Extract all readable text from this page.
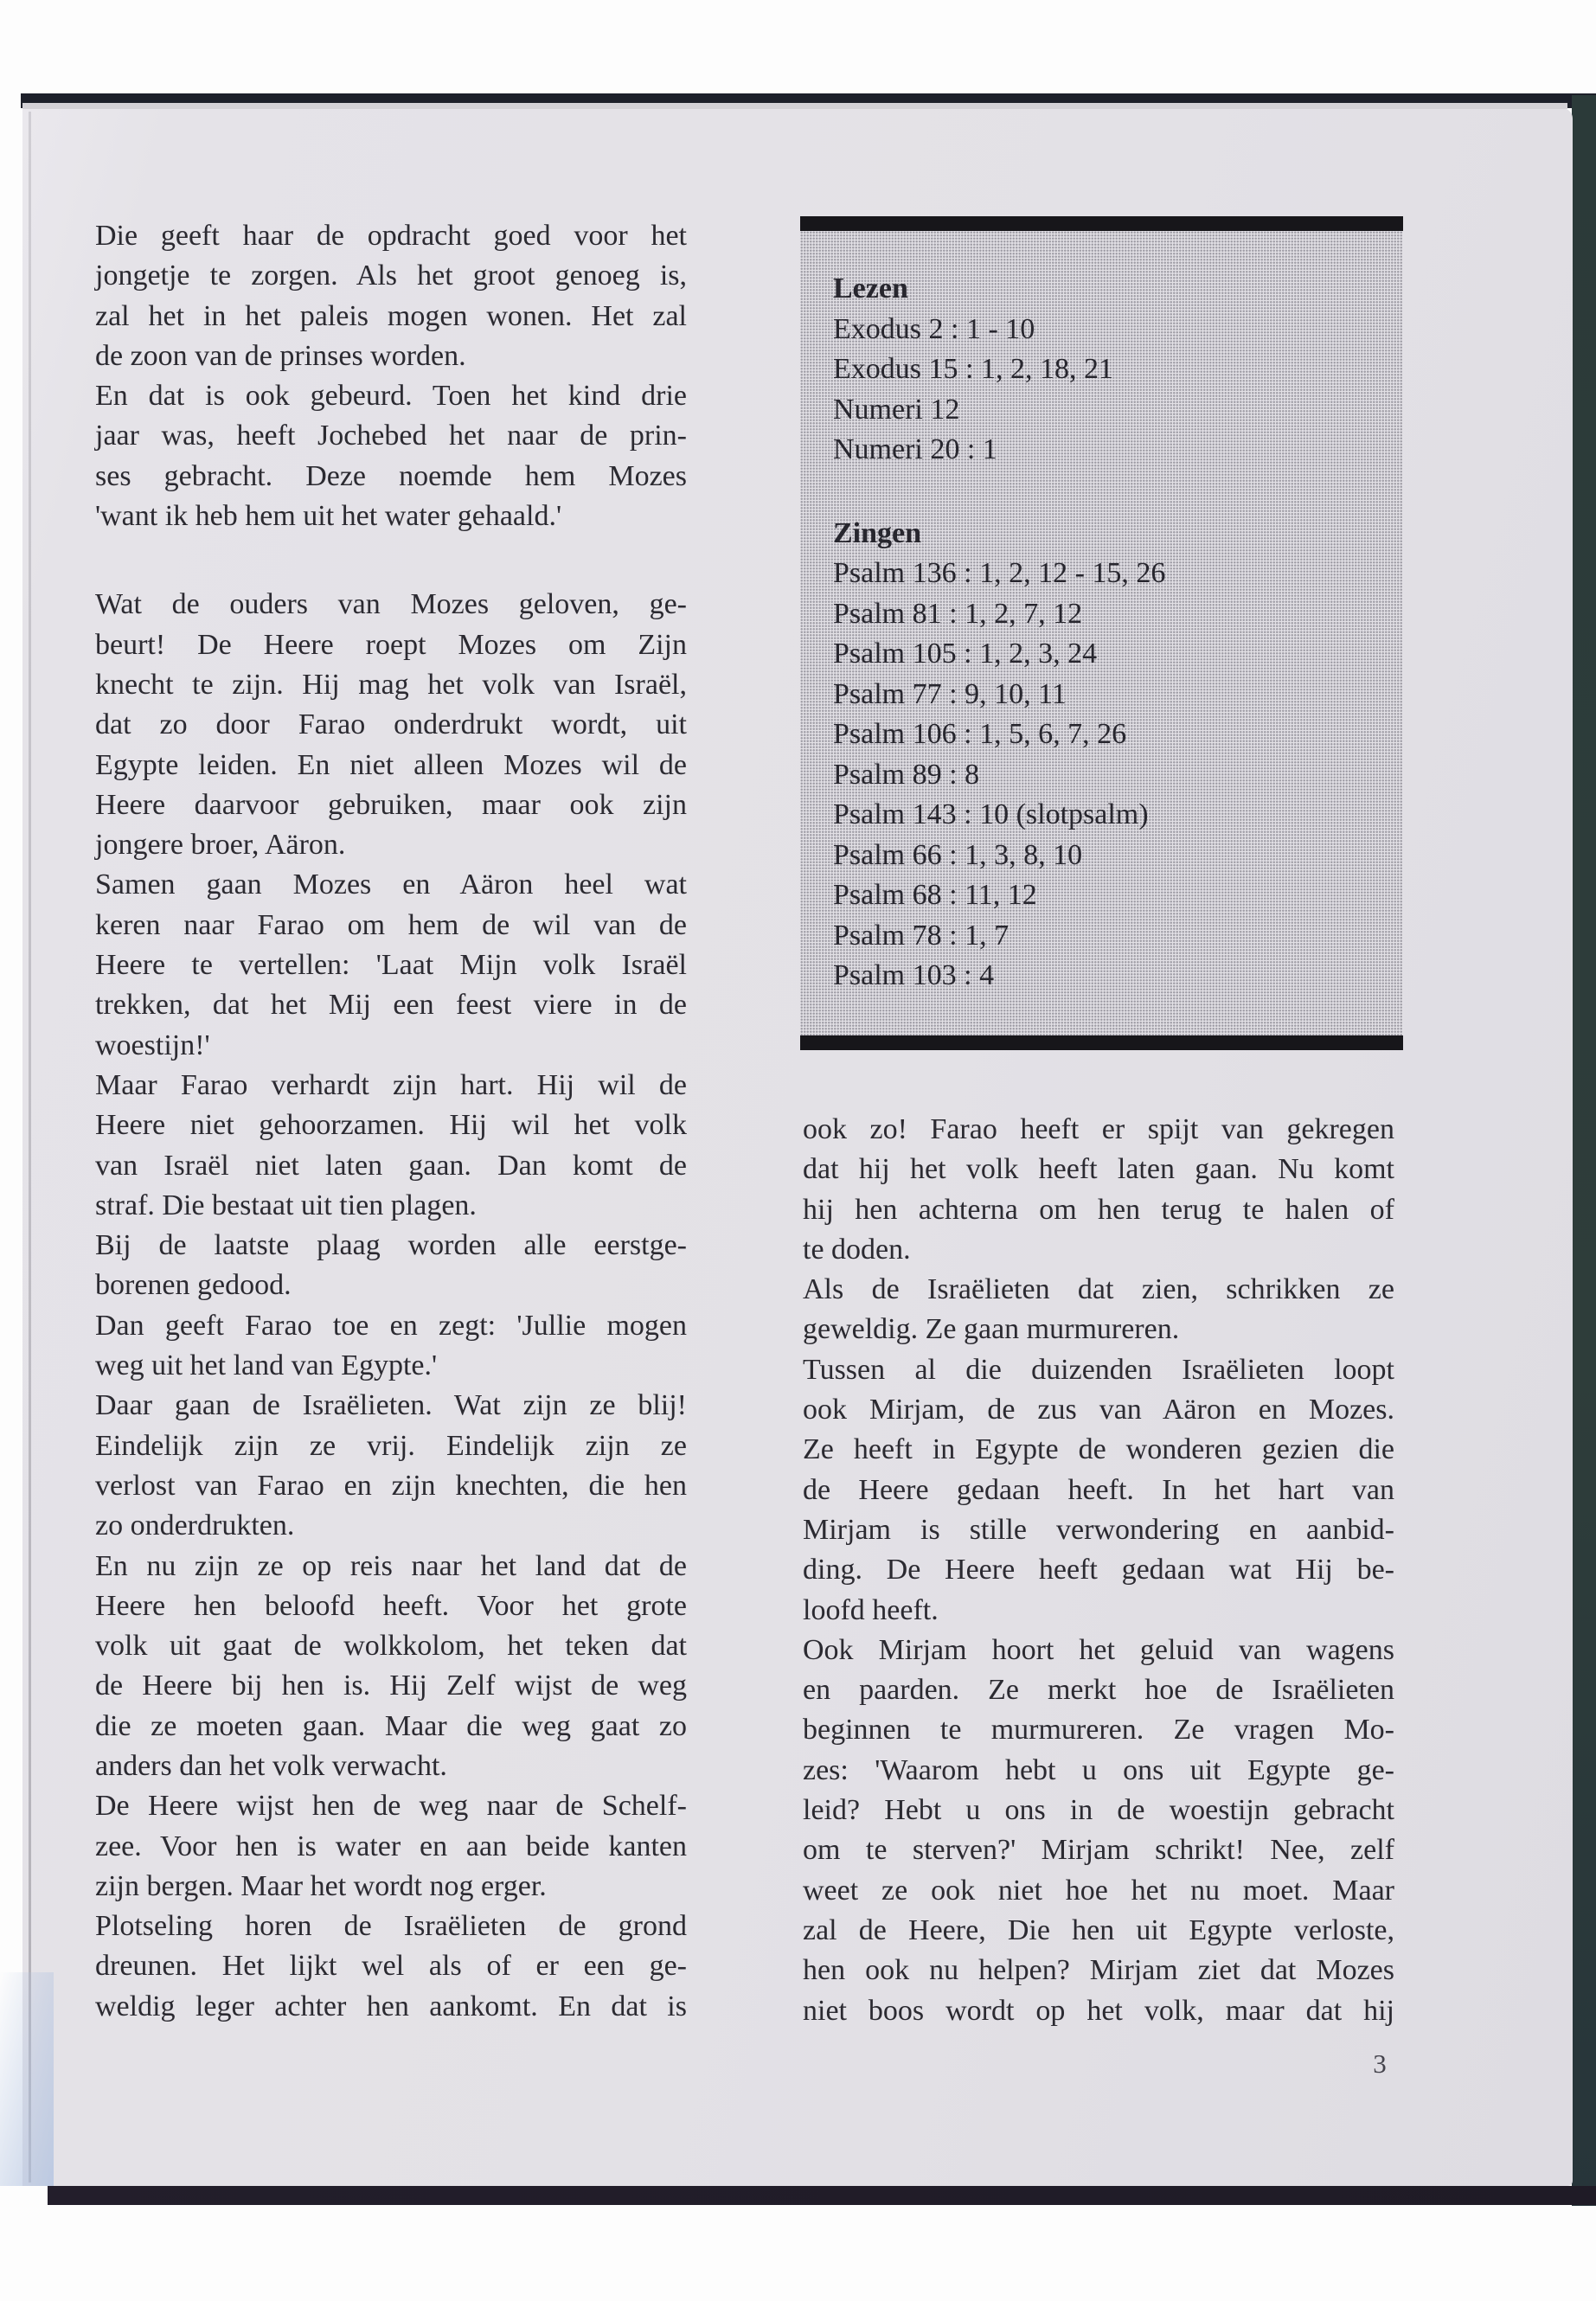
Die geeft haar de opdracht goed voor het
jongetje te zorgen. Als het groot genoeg is,
zal het in het paleis mogen wonen. Het zal
de zoon van de prinses worden.
En dat is ook gebeurd. Toen het kind drie
jaar was, heeft Jochebed het naar de prin-
ses gebracht. Deze noemde hem Mozes
'want ik heb hem uit het water gehaald.'
Wat de ouders van Mozes geloven, ge-
beurt! De Heere roept Mozes om Zijn
knecht te zijn. Hij mag het volk van Israël,
dat zo door Farao onderdrukt wordt, uit
Egypte leiden. En niet alleen Mozes wil de
Heere daarvoor gebruiken, maar ook zijn
jongere broer, Aäron.
Samen gaan Mozes en Aäron heel wat
keren naar Farao om hem de wil van de
Heere te vertellen: 'Laat Mijn volk Israël
trekken, dat het Mij een feest viere in de
woestijn!'
Maar Farao verhardt zijn hart. Hij wil de
Heere niet gehoorzamen. Hij wil het volk
van Israël niet laten gaan. Dan komt de
straf. Die bestaat uit tien plagen.
Bij de laatste plaag worden alle eerstge-
borenen gedood.
Dan geeft Farao toe en zegt: 'Jullie mogen
weg uit het land van Egypte.'
Daar gaan de Israëlieten. Wat zijn ze blij!
Eindelijk zijn ze vrij. Eindelijk zijn ze
verlost van Farao en zijn knechten, die hen
zo onderdrukten.
En nu zijn ze op reis naar het land dat de
Heere hen beloofd heeft. Voor het grote
volk uit gaat de wolkkolom, het teken dat
de Heere bij hen is. Hij Zelf wijst de weg
die ze moeten gaan. Maar die weg gaat zo
anders dan het volk verwacht.
De Heere wijst hen de weg naar de Schelf-
zee. Voor hen is water en aan beide kanten
zijn bergen. Maar het wordt nog erger.
Plotseling horen de Israëlieten de grond
dreunen. Het lijkt wel als of er een ge-
weldig leger achter hen aankomt. En dat is
Lezen
Exodus 2 : 1 - 10
Exodus 15 : 1, 2, 18, 21
Numeri 12
Numeri 20 : 1
Zingen
Psalm 136 : 1, 2, 12 - 15, 26
Psalm 81 : 1, 2, 7, 12
Psalm 105 : 1, 2, 3, 24
Psalm 77 : 9, 10, 11
Psalm 106 : 1, 5, 6, 7, 26
Psalm 89 : 8
Psalm 143 : 10 (slotpsalm)
Psalm 66 : 1, 3, 8, 10
Psalm 68 : 11, 12
Psalm 78 : 1, 7
Psalm 103 : 4
ook zo! Farao heeft er spijt van gekregen
dat hij het volk heeft laten gaan. Nu komt
hij hen achterna om hen terug te halen of
te doden.
Als de Israëlieten dat zien, schrikken ze
geweldig. Ze gaan murmureren.
Tussen al die duizenden Israëlieten loopt
ook Mirjam, de zus van Aäron en Mozes.
Ze heeft in Egypte de wonderen gezien die
de Heere gedaan heeft. In het hart van
Mirjam is stille verwondering en aanbid-
ding. De Heere heeft gedaan wat Hij be-
loofd heeft.
Ook Mirjam hoort het geluid van wagens
en paarden. Ze merkt hoe de Israëlieten
beginnen te murmureren. Ze vragen Mo-
zes: 'Waarom hebt u ons uit Egypte ge-
leid? Hebt u ons in de woestijn gebracht
om te sterven?' Mirjam schrikt! Nee, zelf
weet ze ook niet hoe het nu moet. Maar
zal de Heere, Die hen uit Egypte verloste,
hen ook nu helpen? Mirjam ziet dat Mozes
niet boos wordt op het volk, maar dat hij
3
